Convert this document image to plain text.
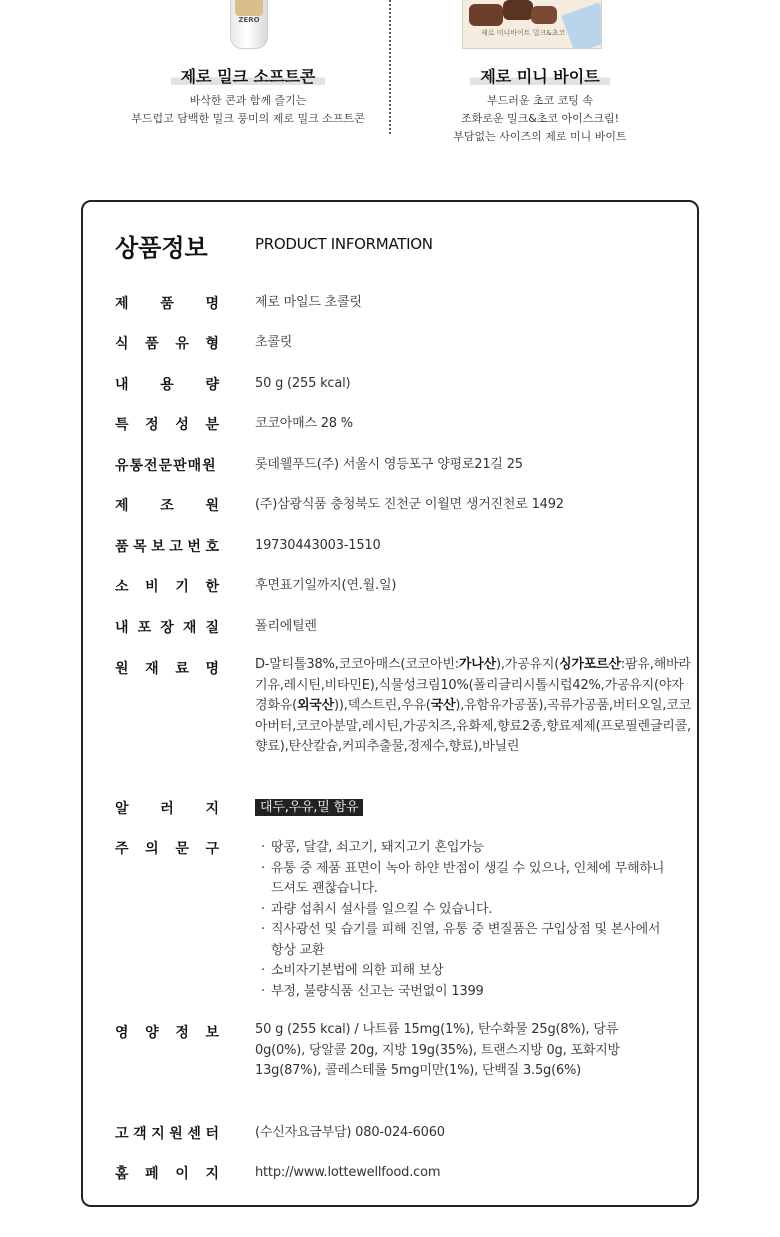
ZERO
제로 밀크 소프트콘
바삭한 콘과 함께 즐기는
부드럽고 담백한 밀크 풍미의 제로 밀크 소프트콘
제로 미니바이트 밀크&초코
제로 미니 바이트
부드러운 초코 코팅 속
조화로운 밀크&초코 아이스크림!
부담없는 사이즈의 제로 미니 바이트
상품정보	PRODUCT INFORMATION
제 품 명	제로 마일드 초콜릿
식 품 유 형	초콜릿
내 용 량	50 g (255 kcal)
특 정 성 분	코코아매스 28 %
유통전문판매원	롯데웰푸드(주) 서울시 영등포구 양평로21길 25
제 조 원	(주)삼광식품 충청북도 진천군 이월면 생거진천로 1492
품 목 보 고 번 호	19730443003-1510
소 비 기 한	후면표기일까지(연.월.일)
내 포 장 재 질	폴리에틸렌
원 재 료 명	D-말티톨38%,코코아매스(코코아빈:가나산),가공유지(싱가포르산:팜유,해바라기유,레시틴,비타민E),식물성크림10%(폴리글리시톨시럽42%,가공유지(야자경화유(외국산)),덱스트린,우유(국산),유함유가공품),곡류가공품,버터오일,코코아버터,코코아분말,레시틴,가공치즈,유화제,향료2종,향료제제(프로필렌글리콜,향료),탄산칼슘,커피추출물,정제수,향료),바닐린
알 러 지	대두,우유,밀 함유
주 의 문 구
·	땅콩, 달걀, 쇠고기, 돼지고기 혼입가능
· 유통 중 제품 표면이 녹아 하얀 반점이 생길 수 있으나, 인체에 무해하니 드셔도 괜찮습니다.
· 과량 섭취시 설사를 일으킬 수 있습니다.
· 직사광선 및 습기를 피해 진열, 유통 중 변질품은 구입상점 및 본사에서 항상 교환
· 소비자기본법에 의한 피해 보상
· 부정, 불량식품 신고는 국번없이 1399
영 양 정 보	50 g (255 kcal) / 나트륨 15mg(1%), 탄수화물 25g(8%), 당류 0g(0%), 당알콜 20g, 지방 19g(35%), 트랜스지방 0g, 포화지방 13g(87%), 콜레스테롤 5mg미만(1%), 단백질 3.5g(6%)
고 객 지 원 센 터	(수신자요금부담) 080-024-6060
홈 페 이 지	http://www.lottewellfood.com
